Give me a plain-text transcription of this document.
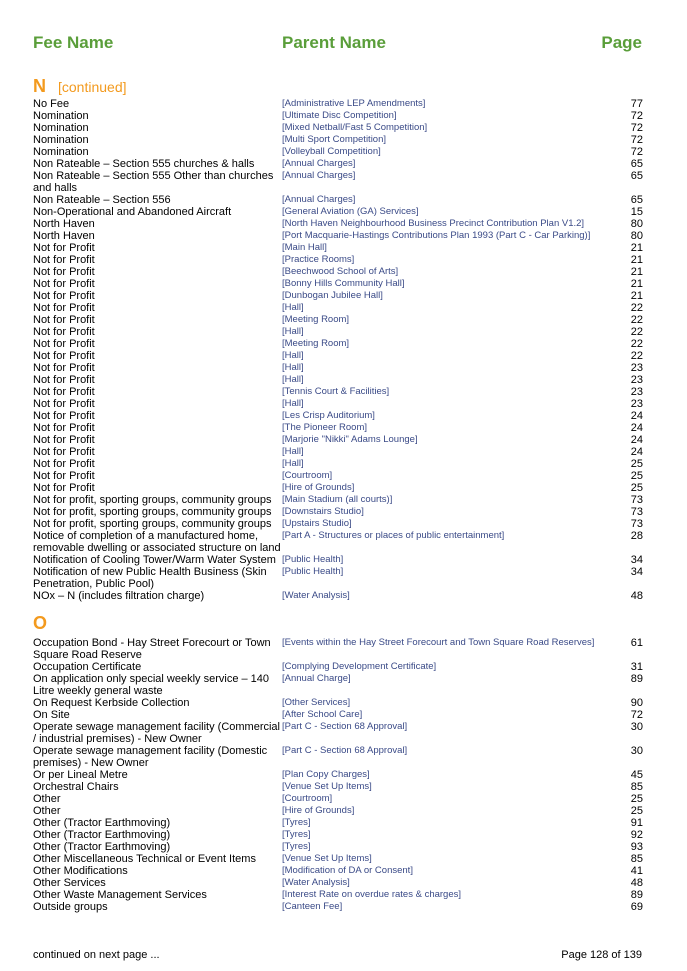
Fee Name	Parent Name	Page
N [continued]
No Fee	[Administrative LEP Amendments]	77
Nomination	[Ultimate Disc Competition]	72
Nomination	[Mixed Netball/Fast 5 Competition]	72
Nomination	[Multi Sport Competition]	72
Nomination	[Volleyball Competition]	72
Non Rateable – Section 555 churches & halls	[Annual Charges]	65
Non Rateable – Section 555 Other than churches and halls
[Annual Charges]	65
Non Rateable – Section 556	[Annual Charges]	65
Non-Operational and Abandoned Aircraft	[General Aviation (GA) Services]	15
North Haven	[North Haven Neighbourhood Business Precinct Contribution Plan V1.2]	80
North Haven	[Port Macquarie-Hastings Contributions Plan 1993 (Part C - Car Parking)]	80
Not for Profit	[Main Hall]	21
Not for Profit	[Practice Rooms]	21
Not for Profit	[Beechwood School of Arts]	21
Not for Profit	[Bonny Hills Community Hall]	21
Not for Profit	[Dunbogan Jubilee Hall]	21
Not for Profit	[Hall]	22
Not for Profit	[Meeting Room]	22
Not for Profit	[Hall]	22
Not for Profit	[Meeting Room]	22
Not for Profit	[Hall]	22
Not for Profit	[Hall]	23
Not for Profit	[Hall]	23
Not for Profit	[Tennis Court & Facilities]	23
Not for Profit	[Hall]	23
Not for Profit	[Les Crisp Auditorium]	24
Not for Profit	[The Pioneer Room]	24
Not for Profit	[Marjorie "Nikki" Adams Lounge]	24
Not for Profit	[Hall]	24
Not for Profit	[Hall]	25
Not for Profit	[Courtroom]	25
Not for Profit	[Hire of Grounds]	25
Not for profit, sporting groups, community groups	[Main Stadium (all courts)]	73
Not for profit, sporting groups, community groups	[Downstairs Studio]	73
Not for profit, sporting groups, community groups	[Upstairs Studio]	73
Notice of completion of a manufactured home, removable dwelling or associated structure on land
[Part A - Structures or places of public entertainment]	28
Notification of Cooling Tower/Warm Water System [Public Health]	34
Notification of new Public Health Business (Skin Penetration, Public Pool)
[Public Health]	34
NOx – N (includes filtration charge)	[Water Analysis]	48
O
Occupation Bond - Hay Street Forecourt or Town Square Road Reserve
[Events within the Hay Street Forecourt and Town Square Road Reserves]	61
Occupation Certificate	[Complying Development Certificate]	31
On application only special weekly service – 140 Litre weekly general waste
[Annual Charge]	89
On Request Kerbside Collection	[Other Services]	90
On Site	[After School Care]	72
Operate sewage management facility (Commercial / industrial premises) - New Owner
[Part C - Section 68 Approval]	30
Operate sewage management facility (Domestic premises) - New Owner
[Part C - Section 68 Approval]	30
Or per Lineal Metre	[Plan Copy Charges]	45
Orchestral Chairs	[Venue Set Up Items]	85
Other	[Courtroom]	25
Other	[Hire of Grounds]	25
Other (Tractor Earthmoving)	[Tyres]	91
Other (Tractor Earthmoving)	[Tyres]	92
Other (Tractor Earthmoving)	[Tyres]	93
Other Miscellaneous Technical or Event Items	[Venue Set Up Items]	85
Other Modifications	[Modification of DA or Consent]	41
Other Services	[Water Analysis]	48
Other Waste Management Services	[Interest Rate on overdue rates & charges]	89
Outside groups	[Canteen Fee]	69
continued on next page ...	Page 128 of 139
